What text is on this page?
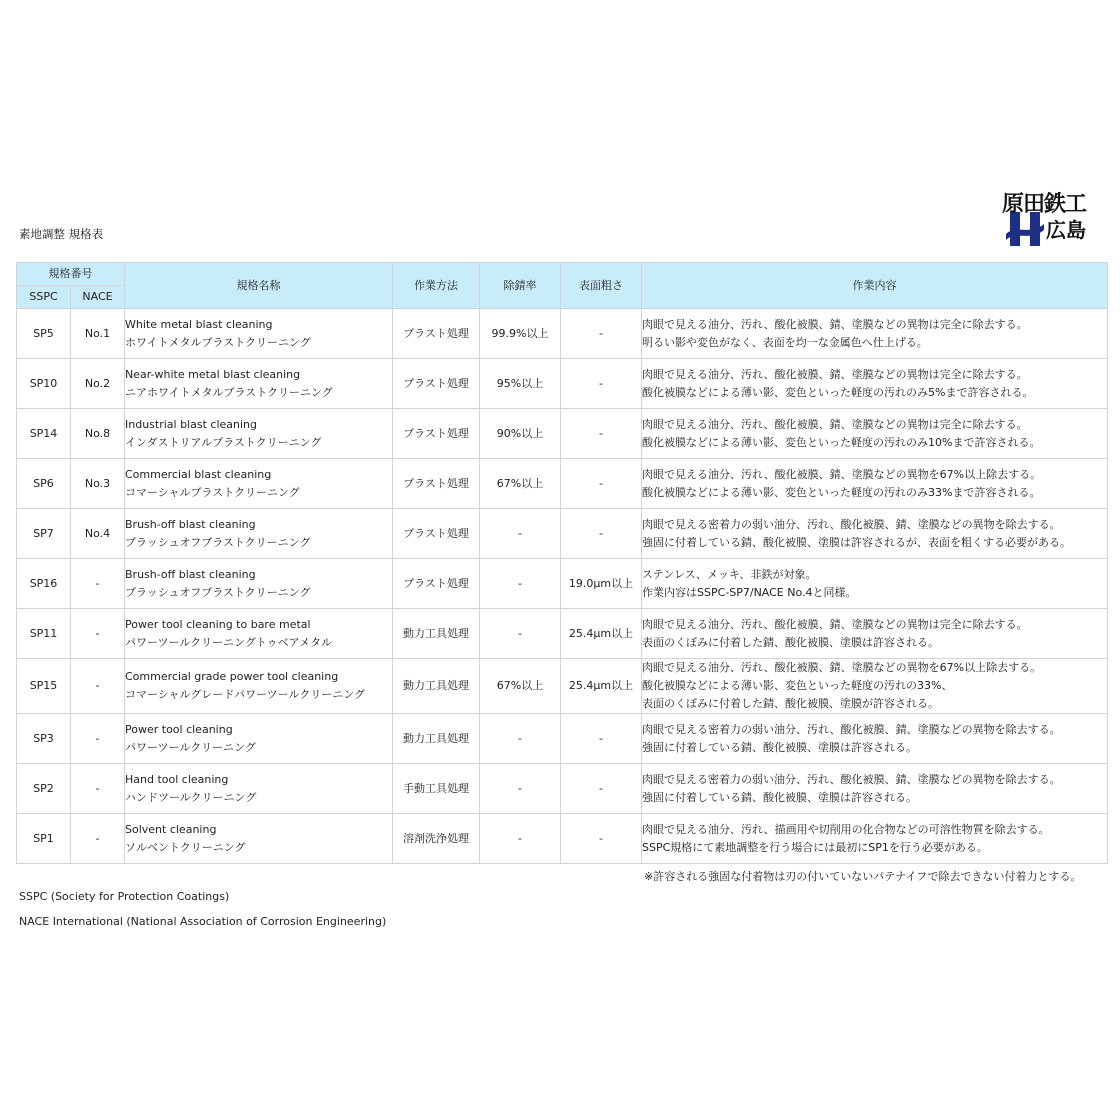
素地調整 規格表
原田鉄工
広島
規格番号		規格名称	作業方法	除錆率	表面粗さ	作業内容
SSPC	NACE					
SP5	No.1	White metal blast cleaning
ホワイトメタルブラストクリーニング	ブラスト処理	99.9%以上	-	肉眼で見える油分、汚れ、酸化被膜、錆、塗膜などの異物は完全に除去する。
明るい影や変色がなく、表面を均一な金属色へ仕上げる。

SP10	No.2	Near-white metal blast cleaning
ニアホワイトメタルブラストクリーニング	ブラスト処理	95%以上	-	肉眼で見える油分、汚れ、酸化被膜、錆、塗膜などの異物は完全に除去する。
酸化被膜などによる薄い影、変色といった軽度の汚れのみ5%まで許容される。

SP14	No.8	Industrial blast cleaning
インダストリアルブラストクリーニング	ブラスト処理	90%以上	-	肉眼で見える油分、汚れ、酸化被膜、錆、塗膜などの異物は完全に除去する。
酸化被膜などによる薄い影、変色といった軽度の汚れのみ10%まで許容される。

SP6	No.3	Commercial blast cleaning
コマーシャルブラストクリーニング	ブラスト処理	67%以上	-	肉眼で見える油分、汚れ、酸化被膜、錆、塗膜などの異物を67%以上除去する。
酸化被膜などによる薄い影、変色といった軽度の汚れのみ33%まで許容される。

SP7	No.4	Brush-off blast cleaning
ブラッシュオフブラストクリーニング	ブラスト処理	-	-	肉眼で見える密着力の弱い油分、汚れ、酸化被膜、錆、塗膜などの異物を除去する。
強固に付着している錆、酸化被膜、塗膜は許容されるが、表面を粗くする必要がある。

SP16	-	Brush-off blast cleaning
ブラッシュオフブラストクリーニング	ブラスト処理	-	19.0μm以上	ステンレス、メッキ、非鉄が対象。
作業内容はSSPC-SP7/NACE No.4と同様。

SP11	-	Power tool cleaning to bare metal
パワーツールクリーニングトゥベアメタル	動力工具処理	-	25.4μm以上	肉眼で見える油分、汚れ、酸化被膜、錆、塗膜などの異物は完全に除去する。
表面のくぼみに付着した錆、酸化被膜、塗膜は許容される。

SP15	-	Commercial grade power tool cleaning
コマーシャルグレードパワーツールクリーニング	動力工具処理	67%以上	25.4μm以上	肉眼で見える油分、汚れ、酸化被膜、錆、塗膜などの異物を67%以上除去する。
酸化被膜などによる薄い影、変色といった軽度の汚れの33%、
表面のくぼみに付着した錆、酸化被膜、塗膜が許容される。

SP3	-	Power tool cleaning
パワーツールクリーニング	動力工具処理	-	-	肉眼で見える密着力の弱い油分、汚れ、酸化被膜、錆、塗膜などの異物を除去する。
強固に付着している錆、酸化被膜、塗膜は許容される。

SP2	-	Hand tool cleaning
ハンドツールクリーニング	手動工具処理	-	-	肉眼で見える密着力の弱い油分、汚れ、酸化被膜、錆、塗膜などの異物を除去する。
強固に付着している錆、酸化被膜、塗膜は許容される。

SP1	-	Solvent cleaning
ソルベントクリーニング	溶剤洗浄処理	-	-	肉眼で見える油分、汚れ、描画用や切削用の化合物などの可溶性物質を除去する。
SSPC規格にて素地調整を行う場合には最初にSP1を行う必要がある。
※許容される強固な付着物は刃の付いていないパテナイフで除去できない付着力とする。
SSPC (Society for Protection Coatings)
NACE International (National Association of Corrosion Engineering)
